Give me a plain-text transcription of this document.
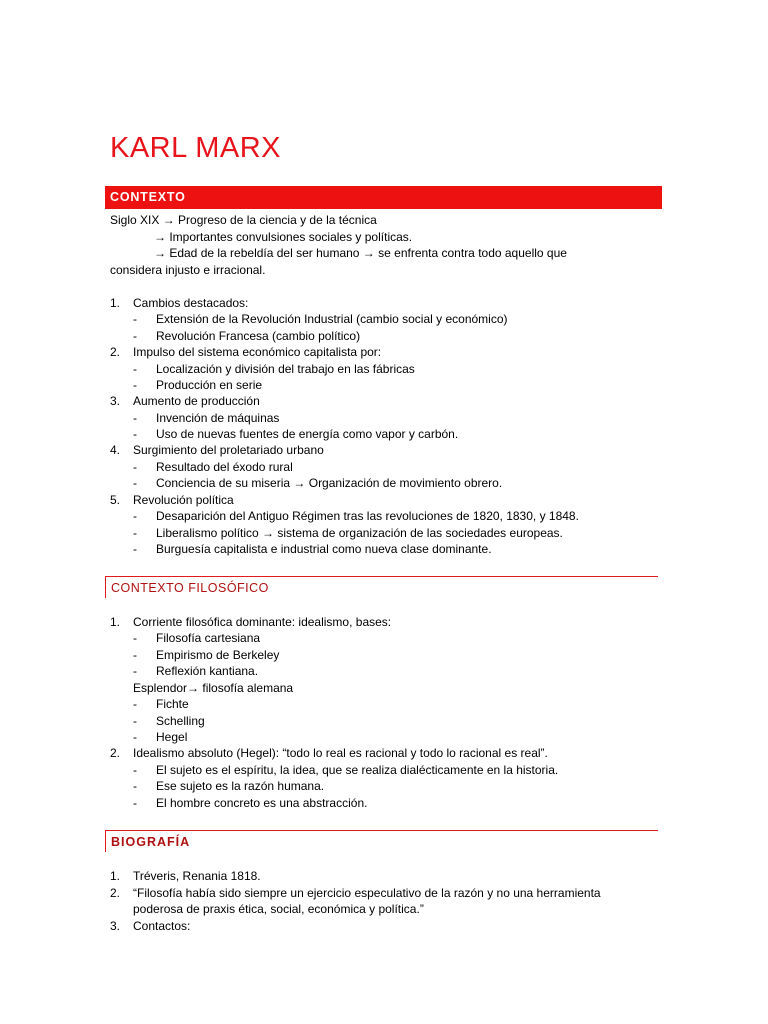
KARL MARX
CONTEXTO
Siglo XIX → Progreso de la ciencia y de la técnica
→ Importantes convulsiones sociales y políticas.
→ Edad de la rebeldía del ser humano → se enfrenta contra todo aquello que
considera injusto e irracional.
1. Cambios destacados:
- Extensión de la Revolución Industrial (cambio social y económico)
- Revolución Francesa (cambio político)
2. Impulso del sistema económico capitalista por:
- Localización y división del trabajo en las fábricas
- Producción en serie
3. Aumento de producción
- Invención de máquinas
- Uso de nuevas fuentes de energía como vapor y carbón.
4. Surgimiento del proletariado urbano
- Resultado del éxodo rural
- Conciencia de su miseria → Organización de movimiento obrero.
5. Revolución política
- Desaparición del Antiguo Régimen tras las revoluciones de 1820, 1830, y 1848.
- Liberalismo político → sistema de organización de las sociedades europeas.
- Burguesía capitalista e industrial como nueva clase dominante.
CONTEXTO FILOSÓFICO
1. Corriente filosófica dominante: idealismo, bases:
- Filosofía cartesiana
- Empirismo de Berkeley
- Reflexión kantiana.
Esplendor→ filosofía alemana
- Fichte
- Schelling
- Hegel
2. Idealismo absoluto (Hegel): “todo lo real es racional y todo lo racional es real”.
- El sujeto es el espíritu, la idea, que se realiza dialécticamente en la historia.
- Ese sujeto es la razón humana.
- El hombre concreto es una abstracción.
BIOGRAFÍA
1. Tréveris, Renania 1818.
2. “Filosofía había sido siempre un ejercicio especulativo de la razón y no una herramienta
poderosa de praxis ética, social, económica y política.”
3. Contactos:
